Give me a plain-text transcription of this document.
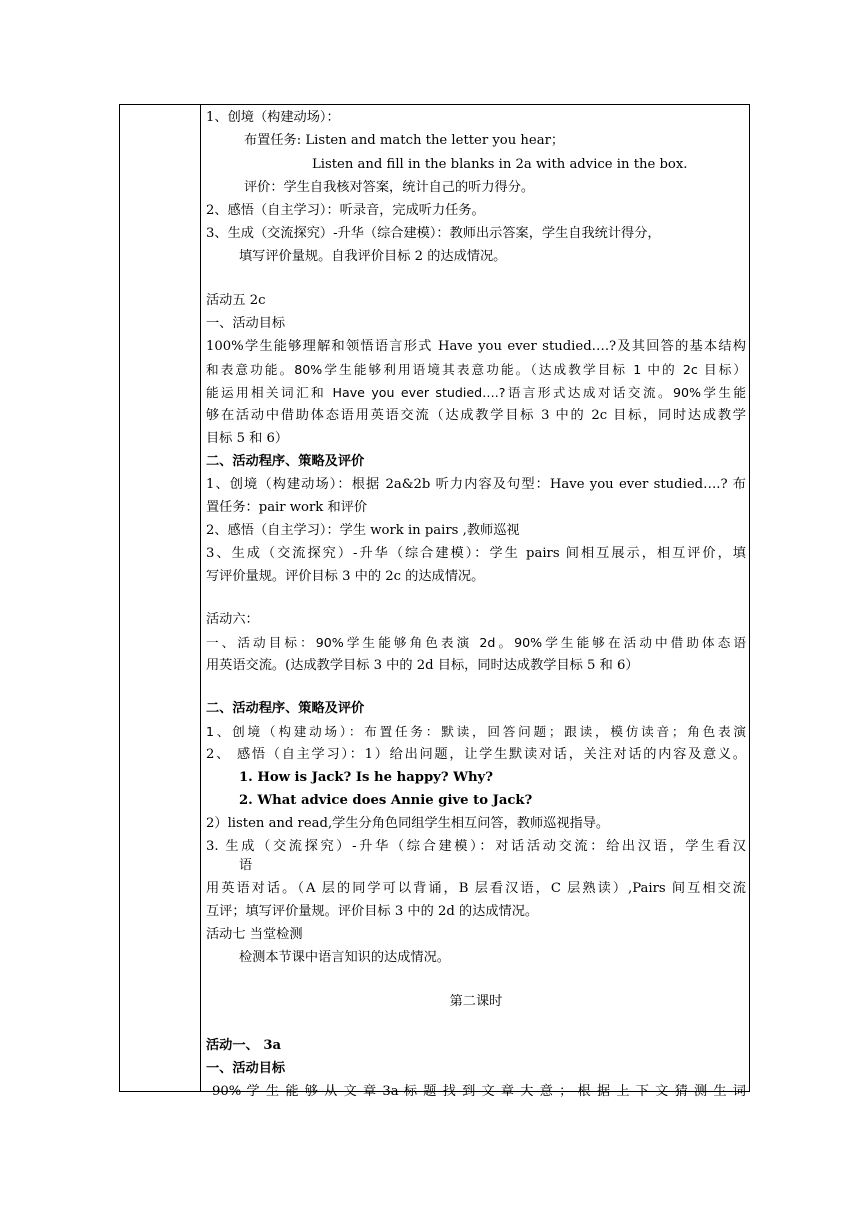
1、创境（构建动场）：
布置任务: Listen and match the letter you hear；
Listen and fill in the blanks in 2a with advice in the box.
评价：学生自我核对答案，统计自己的听力得分。
2、感悟（自主学习）：听录音，完成听力任务。
3、生成（交流探究）-升华（综合建模）：教师出示答案，学生自我统计得分，
填写评价量规。自我评价目标 2 的达成情况。
活动五 2c
一、活动目标
100%学生能够理解和领悟语言形式 Have you ever studied….?及其回答的基本结构
和表意功能。80%学生能够利用语境其表意功能。（达成教学目标 1 中的 2c 目标）
能运用相关词汇和 Have you ever studied….?语言形式达成对话交流。90%学生能
够在活动中借助体态语用英语交流（达成教学目标 3 中的 2c 目标，同时达成教学
目标 5 和 6）
二、活动程序、策略及评价
1、创境（构建动场）：根据 2a&2b 听力内容及句型：Have you ever studied….? 布
置任务：pair work 和评价
2、感悟（自主学习）：学生 work in pairs ,教师巡视
3、生成（交流探究）-升华（综合建模）：学生 pairs 间相互展示，相互评价，填
写评价量规。评价目标 3 中的 2c 的达成情况。
活动六：
一、活动目标：90%学生能够角色表演 2d。90%学生能够在活动中借助体态语
用英语交流。(达成教学目标 3 中的 2d 目标，同时达成教学目标 5 和 6）
二、活动程序、策略及评价
1、创境（构建动场）：布置任务：默读，回答问题；跟读，模仿读音；角色表演
2、 感悟（自主学习）：1）给出问题，让学生默读对话，关注对话的内容及意义。
1. How is Jack? Is he happy? Why?
2. What advice does Annie give to Jack?
2）listen and read,学生分角色同组学生相互问答，教师巡视指导。
3. 生成（交流探究）-升华（综合建模）：对话活动交流：给出汉语，学生看汉
语
用英语对话。（A 层的同学可以背诵，B 层看汉语，C 层熟读）,Pairs 间互相交流
互评；填写评价量规。评价目标 3 中的 2d 的达成情况。
活动七 当堂检测
检测本节课中语言知识的达成情况。
第二课时
活动一、 3a
一、活动目标
90% 学 生 能 够 从 文 章 3a 标 题 找 到 文 章 大 意 ； 根 据 上 下 文 猜 测 生 词
